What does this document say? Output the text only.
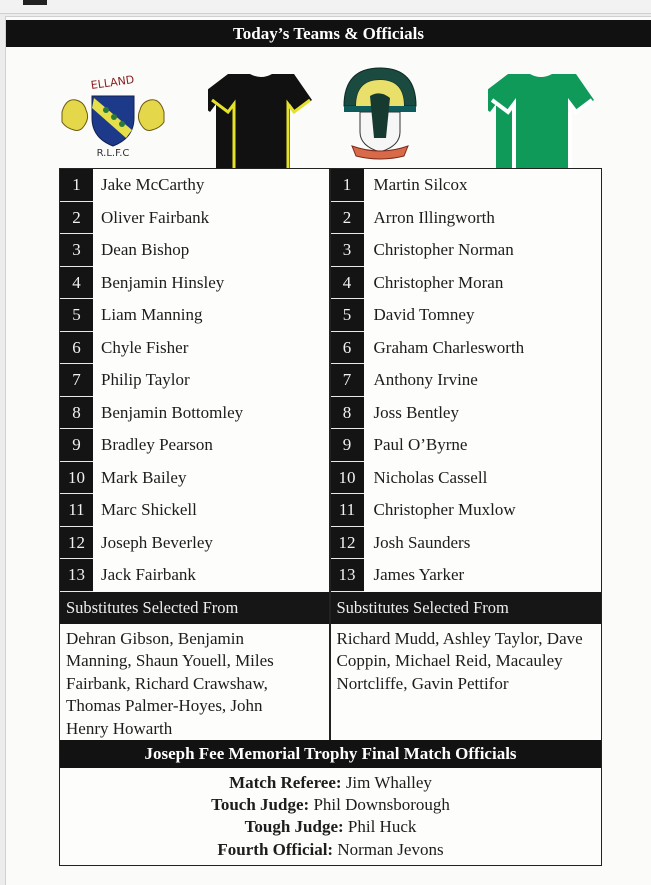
Today’s Teams & Officials
ELLAND
R.L.F.C
1	Jake McCarthy
2	Oliver Fairbank
3	Dean Bishop
4	Benjamin Hinsley
5	Liam Manning
6	Chyle Fisher
7	Philip Taylor
8	Benjamin Bottomley
9	Bradley Pearson
10 Mark Bailey
11 Marc Shickell
12 Joseph Beverley
13 Jack Fairbank
Substitutes Selected From
Dehran Gibson, Benjamin Manning, Shaun Youell, Miles Fairbank, Richard Crawshaw, Thomas Palmer-Hoyes, John Henry Howarth
1	Martin Silcox
2	Arron Illingworth
3	Christopher Norman
4	Christopher Moran
5	David Tomney
6	Graham Charlesworth
7	Anthony Irvine
8	Joss Bentley
9	Paul O’Byrne
10	Nicholas Cassell
11	Christopher Muxlow
12	Josh Saunders
13	James Yarker
Substitutes Selected From
Richard Mudd, Ashley Taylor, Dave Coppin, Michael Reid, Macauley Nortcliffe, Gavin Pettifor
Joseph Fee Memorial Trophy Final Match Officials
Match Referee: Jim Whalley
Touch Judge: Phil Downsborough
Tough Judge: Phil Huck
Fourth Official: Norman Jevons
